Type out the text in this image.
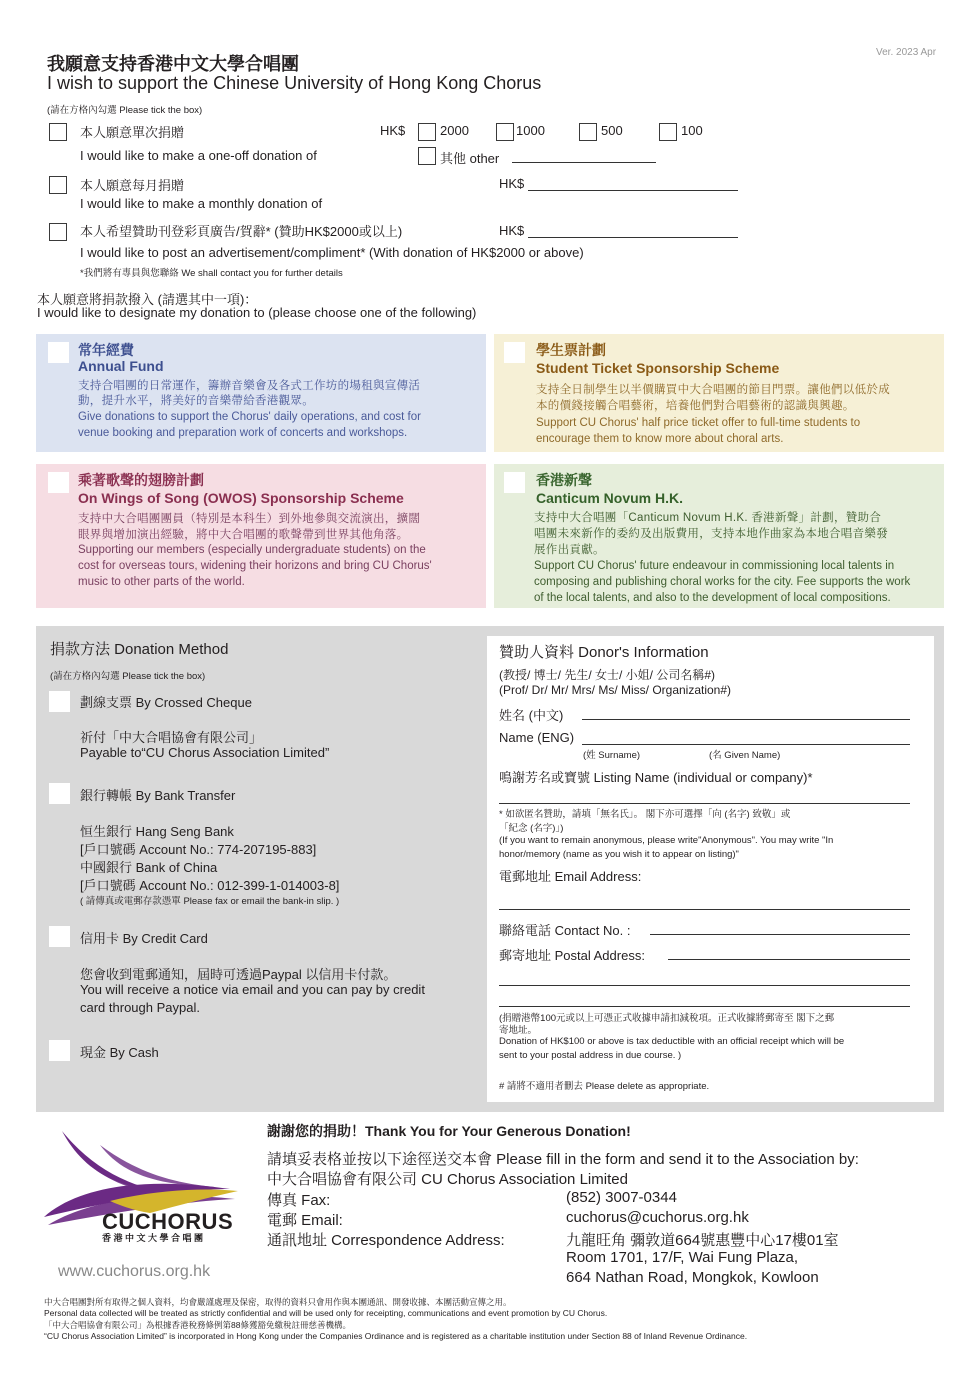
Ver. 2023 Apr
我願意支持香港中文大學合唱團
I wish to support the Chinese University of Hong Kong Chorus
(請在方格內勾選 Please tick the box)
本人願意單次捐贈
I would like to make a one-off donation of
HK$	2000	1000	500	100
其他 other
本人願意每月捐贈
I would like to make a monthly donation of
HK$
本人希望贊助刊登彩頁廣告/賀辭* (贊助HK$2000或以上)	HK$
I would like to post an advertisement/compliment* (With donation of HK$2000 or above)
*我們將有專員與您聯絡 We shall contact you for further details
本人願意將捐款撥入 (請選其中一項)：
I would like to designate my donation to (please choose one of the following)
常年經費
Annual Fund
支持合唱團的日常運作，籌辦音樂會及各式工作坊的場租與宣傳活
動，提升水平，將美好的音樂帶給香港觀眾。
Give donations to support the Chorus' daily operations, and cost for
venue booking and preparation work of concerts and workshops.
學生票計劃
Student Ticket Sponsorship Scheme
支持全日制學生以半價購買中大合唱團的節目門票。讓他們以低於成
本的價錢接觸合唱藝術，培養他們對合唱藝術的認識與興趣。
Support CU Chorus' half price ticket offer to full-time students to
encourage them to know more about choral arts.
乘著歌聲的翅膀計劃
On Wings of Song (OWOS) Sponsorship Scheme
支持中大合唱團團員（特別是本科生）到外地參與交流演出，擴闊
眼界與增加演出經驗，將中大合唱團的歌聲帶到世界其他角落。
Supporting our members (especially undergraduate students) on the
cost for overseas tours, widening their horizons and bring CU Chorus'
music to other parts of the world.
香港新聲
Canticum Novum H.K.
支持中大合唱團「Canticum Novum H.K. 香港新聲」計劃，贊助合
唱團未來新作的委約及出版費用，支持本地作曲家為本地合唱音樂發
展作出貢獻。
Support CU Chorus' future endeavour in commissioning local talents in
composing and publishing choral works for the city. Fee supports the work
of the local talents, and also to the development of local compositions.
捐款方法 Donation Method
(請在方格內勾選 Please tick the box)
劃線支票 By Crossed Cheque
祈付「中大合唱協會有限公司」
Payable to“CU Chorus Association Limited”
銀行轉帳 By Bank Transfer
恒生銀行 Hang Seng Bank
[戶口號碼 Account No.: 774-207195-883]
中國銀行 Bank of China
[戶口號碼 Account No.: 012-399-1-014003-8]
( 請傳真或電郵存款憑單 Please fax or email the bank-in slip. )
信用卡 By Credit Card
您會收到電郵通知，屆時可透過Paypal 以信用卡付款。
You will receive a notice via email and you can pay by credit
card through Paypal.
現金 By Cash
贊助人資料 Donor's Information
(教授/ 博士/ 先生/ 女士/ 小姐/ 公司名稱#)
(Prof/ Dr/ Mr/ Mrs/ Ms/ Miss/ Organization#)
姓名 (中文)
Name (ENG)
(姓 Surname)	(名 Given Name)
鳴謝芳名或寶號 Listing Name (individual or company)*
* 如欲匿名贊助，請填「無名氏」。 閣下亦可選擇「向 (名字) 致敬」或
「紀念 (名字)」)
(If you want to remain anonymous, please write"Anonymous". You may write "In
honor/memory (name as you wish it to appear on listing)"
電郵地址 Email Address:
聯絡電話 Contact No. :
郵寄地址 Postal Address:
(捐贈港幣100元或以上可憑正式收據申請扣減稅項。正式收據將郵寄至 閣下之郵
寄地址。
Donation of HK$100 or above is tax deductible with an official receipt which will be
sent to your postal address in due course. )
# 請將不適用者刪去 Please delete as appropriate.
CUCHORUS
香 港 中 文 大 學 合 唱 團
www.cuchorus.org.hk
謝謝您的捐助！Thank You for Your Generous Donation!
請填妥表格並按以下途徑送交本會 Please fill in the form and send it to the Association by:
中大合唱協會有限公司 CU Chorus Association Limited
傳真 Fax:	(852) 3007-0344
電郵 Email:	cuchorus@cuchorus.org.hk
通訊地址 Correspondence Address:	九龍旺角 彌敦道664號惠豐中心17樓01室
Room 1701, 17/F, Wai Fung Plaza,
664 Nathan Road, Mongkok, Kowloon
中大合唱團對所有取得之個人資料，均會嚴謹處理及保密，取得的資料只會用作與本團通訊、開發收據、本團活動宣傳之用。
Personal data collected will be treated as strictly confidential and will be used only for receipting, communications and event promotion by CU Chorus.
「中大合唱協會有限公司」為根據香港稅務條例第88條獲豁免繳稅註冊慈善機構。
“CU Chorus Association Limited” is incorporated in Hong Kong under the Companies Ordinance and is registered as a charitable institution under Section 88 of Inland Revenue Ordinance.
